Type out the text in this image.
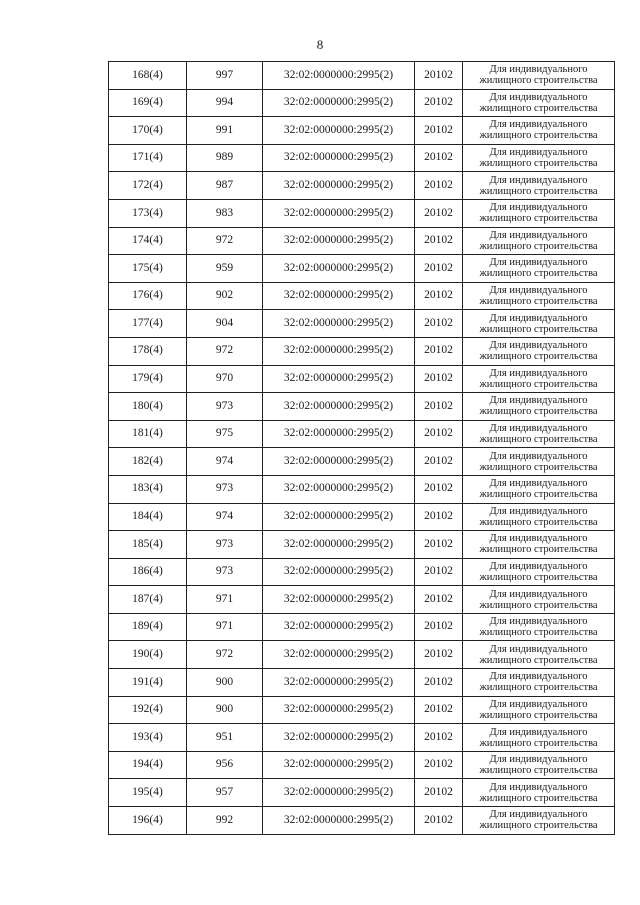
8
168(4)	997	32:02:0000000:2995(2)	20102	Для индивидуального жилищного строительства
169(4)	994	32:02:0000000:2995(2)	20102	Для индивидуального жилищного строительства
170(4)	991	32:02:0000000:2995(2)	20102	Для индивидуального жилищного строительства
171(4)	989	32:02:0000000:2995(2)	20102	Для индивидуального жилищного строительства
172(4)	987	32:02:0000000:2995(2)	20102	Для индивидуального жилищного строительства
173(4)	983	32:02:0000000:2995(2)	20102	Для индивидуального жилищного строительства
174(4)	972	32:02:0000000:2995(2)	20102	Для индивидуального жилищного строительства
175(4)	959	32:02:0000000:2995(2)	20102	Для индивидуального жилищного строительства
176(4)	902	32:02:0000000:2995(2)	20102	Для индивидуального жилищного строительства
177(4)	904	32:02:0000000:2995(2)	20102	Для индивидуального жилищного строительства
178(4)	972	32:02:0000000:2995(2)	20102	Для индивидуального жилищного строительства
179(4)	970	32:02:0000000:2995(2)	20102	Для индивидуального жилищного строительства
180(4)	973	32:02:0000000:2995(2)	20102	Для индивидуального жилищного строительства
181(4)	975	32:02:0000000:2995(2)	20102	Для индивидуального жилищного строительства
182(4)	974	32:02:0000000:2995(2)	20102	Для индивидуального жилищного строительства
183(4)	973	32:02:0000000:2995(2)	20102	Для индивидуального жилищного строительства
184(4)	974	32:02:0000000:2995(2)	20102	Для индивидуального жилищного строительства
185(4)	973	32:02:0000000:2995(2)	20102	Для индивидуального жилищного строительства
186(4)	973	32:02:0000000:2995(2)	20102	Для индивидуального жилищного строительства
187(4)	971	32:02:0000000:2995(2)	20102	Для индивидуального жилищного строительства
189(4)	971	32:02:0000000:2995(2)	20102	Для индивидуального жилищного строительства
190(4)	972	32:02:0000000:2995(2)	20102	Для индивидуального жилищного строительства
191(4)	900	32:02:0000000:2995(2)	20102	Для индивидуального жилищного строительства
192(4)	900	32:02:0000000:2995(2)	20102	Для индивидуального жилищного строительства
193(4)	951	32:02:0000000:2995(2)	20102	Для индивидуального жилищного строительства
194(4)	956	32:02:0000000:2995(2)	20102	Для индивидуального жилищного строительства
195(4)	957	32:02:0000000:2995(2)	20102	Для индивидуального жилищного строительства
196(4)	992	32:02:0000000:2995(2)	20102	Для индивидуального жилищного строительства
